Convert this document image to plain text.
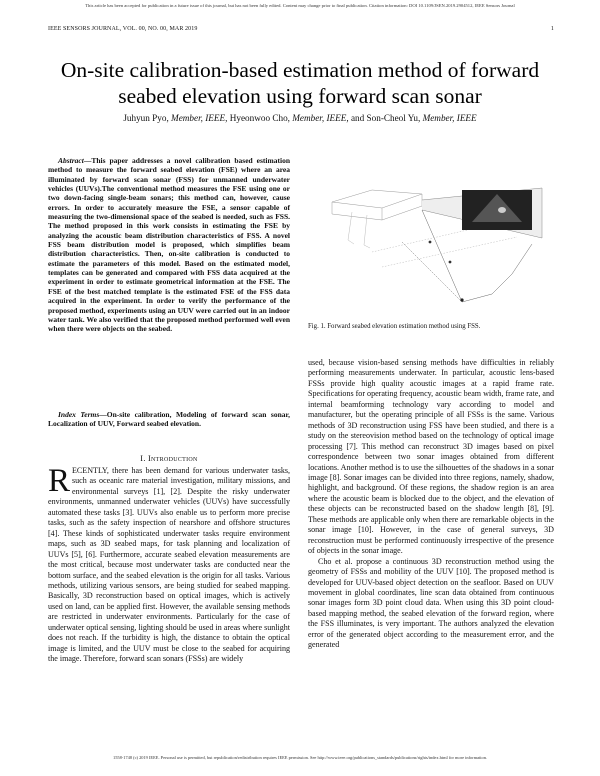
This article has been accepted for publication in a future issue of this journal, but has not been fully edited. Content may change prior to final publication. Citation information: DOI 10.1109/JSEN.2019.2904512, IEEE Sensors Journal
IEEE SENSORS JOURNAL, VOL. 00, NO. 00, MAR 2019	1
On-site calibration-based estimation method of forward seabed elevation using forward scan sonar
Juhyun Pyo, Member, IEEE, Hyeonwoo Cho, Member, IEEE, and Son-Cheol Yu, Member, IEEE

Abstract—This paper addresses a novel calibration based estimation method to measure the forward seabed elevation (FSE) where an area illuminated by forward scan sonar (FSS) for unmanned underwater vehicles (UUVs).The conventional method measures the FSE using one or two down-facing single-beam sonars; this method can, however, cause errors. In order to accurately measure the FSE, a sensor capable of measuring the two-dimensional space of the seabed is needed, such as FSS. The method proposed in this work consists in estimating the FSE by analyzing the acoustic beam distribution characteristics of FSS. A novel FSS beam distribution model is proposed, which simplifies beam distribution characteristics. Then, on-site calibration is conducted to estimate the parameters of this model. Based on the estimated model, templates can be generated and compared with FSS data acquired at the experiment in order to estimate geometrical information at the FSE. The FSE of the best matched template is the estimated FSE of the FSS data acquired in the experiment. In order to verify the performance of the proposed method, experiments using an UUV were carried out in an indoor water tank. We also verified that the proposed method performed well even when there were objects on the seabed.

Index Terms—On-site calibration, Modeling of forward scan sonar, Localization of UUV, Forward seabed elevation.

I. Introduction

RECENTLY, there has been demand for various underwater tasks, such as oceanic rare material investigation, military missions, and environmental surveys [1], [2]. Despite the risky underwater environments, unmanned underwater vehicles (UUVs) have successfully automated these tasks [3]. UUVs also enable us to perform more precise tasks, such as the safety inspection of nearshore and offshore structures [4]. These kinds of sophisticated underwater tasks require environment maps, such as 3D seabed maps, for task planning and localization of UUVs [5], [6]. Furthermore, accurate seabed elevation measurements are the most critical, because most underwater tasks are conducted near the bottom surface, and the seabed elevation is the origin for all tasks. Various methods, utilizing various sensors, are being studied for seabed mapping. Basically, 3D reconstruction based on optical images, which is actively used on land, can be applied first. However, the available sensing methods are restricted in underwater environments. Particularly for the case of underwater optical sensing, lighting should be used in areas where sunlight does not reach. If the turbidity is high, the distance to obtain the optical image is limited, and the UUV must be close to the seabed for acquiring the image. Therefore, forward scan sonars (FSSs) are widely

Fig. 1. Forward seabed elevation estimation method using FSS.

used, because vision-based sensing methods have difficulties in reliably performing measurements underwater. In particular, acoustic lens-based FSSs provide high quality acoustic images at a rapid frame rate. Specifications for operating frequency, acoustic beam width, frame rate, and internal beamforming technology vary according to model and manufacturer, but the operating principle of all FSSs is the same. Various methods of 3D reconstruction using FSS have been studied, and there is a study on the stereovision method based on the technology of optical image processing [7]. This method can reconstruct 3D images based on pixel correspondence between two sonar images obtained from different locations. Another method is to use the silhouettes of the shadows in a sonar image [8]. Sonar images can be divided into three regions, namely, shadow, highlight, and background. Of these regions, the shadow region is an area where the acoustic beam is blocked due to the object, and the elevation of these objects can be reconstructed based on the shadow length [8], [9]. These methods are applicable only when there are remarkable objects in the sonar image [10]. However, in the case of general surveys, 3D reconstruction must be performed continuously irrespective of the presence of objects in the sonar image.

Cho et al. propose a continuous 3D reconstruction method using the geometry of FSSs and mobility of the UUV [10]. The proposed method is developed for UUV-based object detection on the seafloor. Based on UUV movement in global coordinates, line scan data obtained from continuous sonar images form 3D point cloud data. When using this 3D point cloud-based mapping method, the seabed elevation of the forward region, where the FSS illuminates, is very important. The authors analyzed the elevation error of the generated object according to the measurement error, and the generated

1558-1748 (c) 2019 IEEE. Personal use is permitted, but republication/redistribution requires IEEE permission. See http://www.ieee.org/publications_standards/publications/rights/index.html for more information.
